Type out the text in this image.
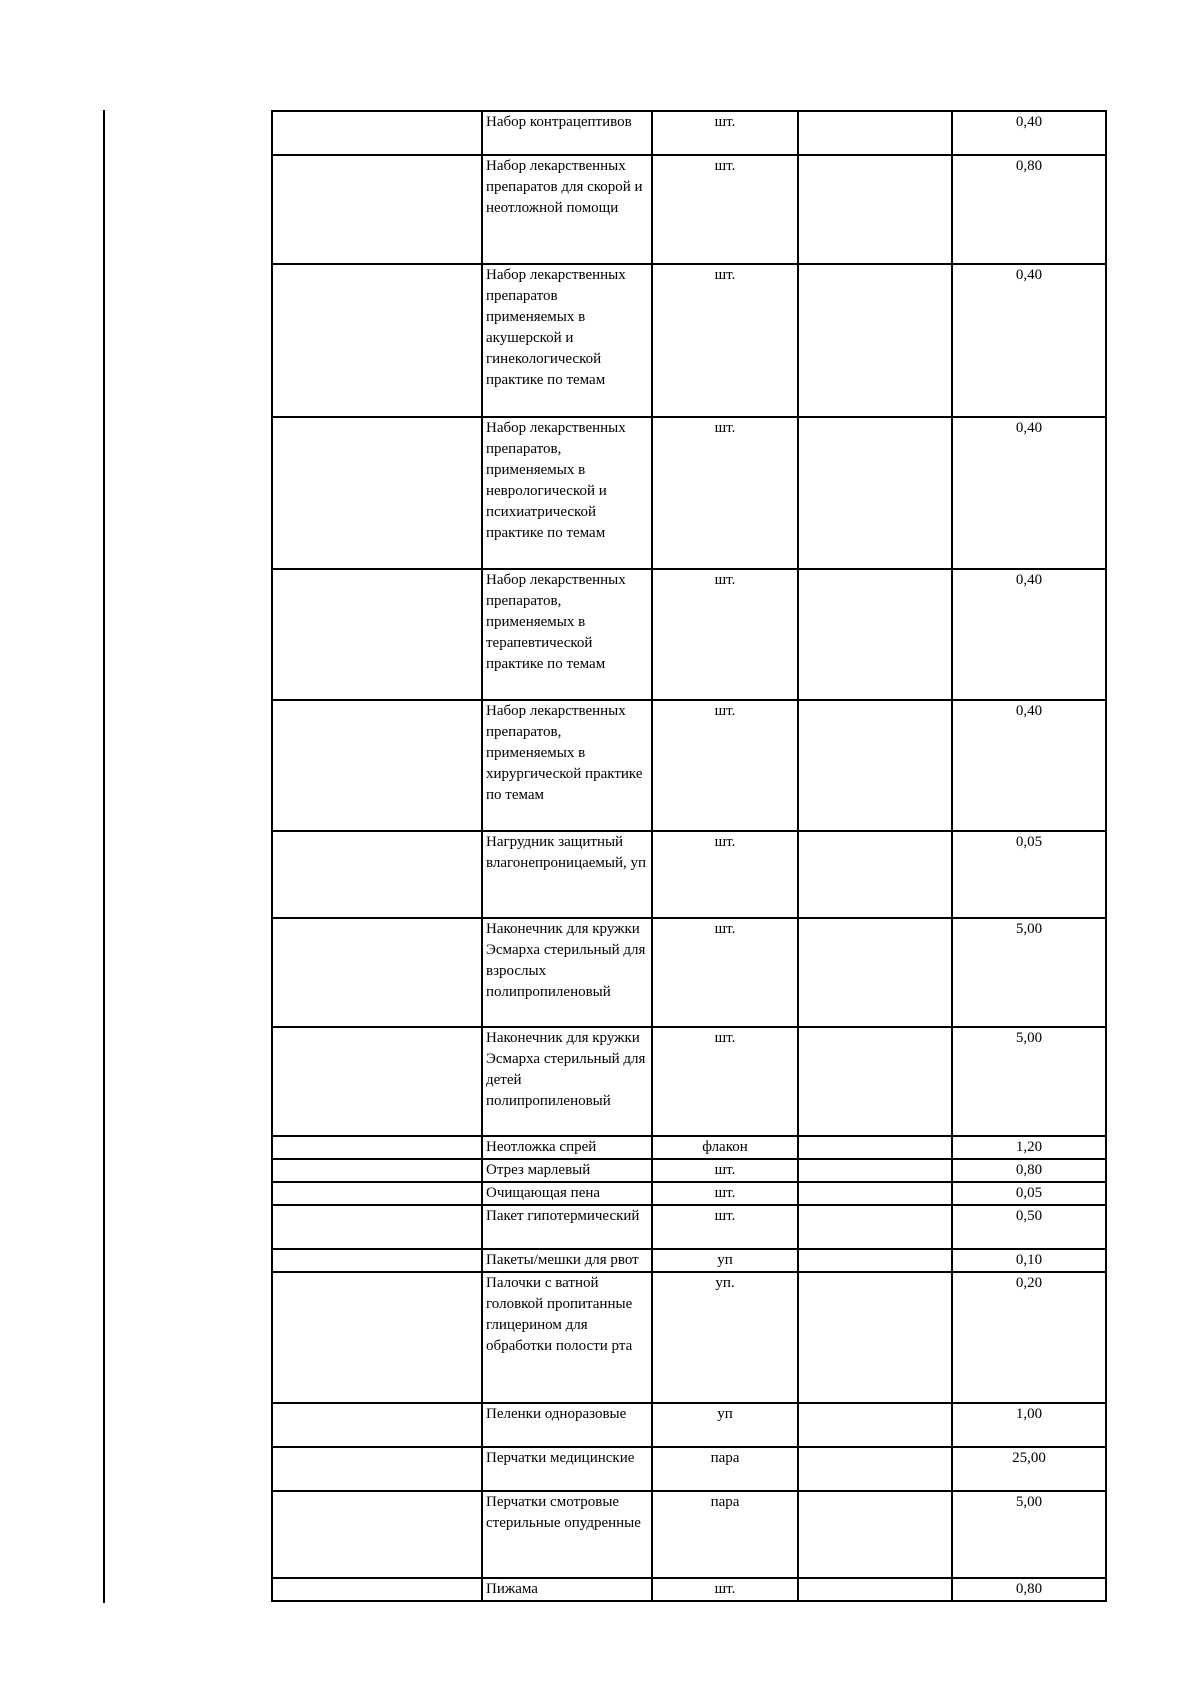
	Набор контрацептивов	шт.		0,40
	Набор лекарственных препаратов для скорой и неотложной помощи	шт.		0,80
	Набор лекарственных препаратов применяемых в акушерской и гинекологической практике по темам	шт.		0,40
	Набор лекарственных препаратов, применяемых в неврологической и психиатрической практике по темам	шт.		0,40
	Набор лекарственных препаратов, применяемых в терапевтической практике по темам	шт.		0,40
	Набор лекарственных препаратов, применяемых в хирургической практике по темам	шт.		0,40
	Нагрудник защитный влагонепроницаемый, уп	шт.		0,05
	Наконечник для кружки Эсмарха стерильный для взрослых полипропиленовый	шт.		5,00
	Наконечник для кружки Эсмарха стерильный для детей полипропиленовый	шт.		5,00
	Неотложка спрей	флакон		1,20
	Отрез марлевый	шт.		0,80
	Очищающая пена	шт.		0,05
	Пакет гипотермический	шт.		0,50
	Пакеты/мешки для рвот	уп		0,10
	Палочки с ватной головкой пропитанные глицерином для обработки полости рта	уп.		0,20
	Пеленки одноразовые	уп		1,00
	Перчатки медицинские	пара		25,00
	Перчатки смотровые стерильные опудренные	пара		5,00
	Пижама	шт.		0,80
